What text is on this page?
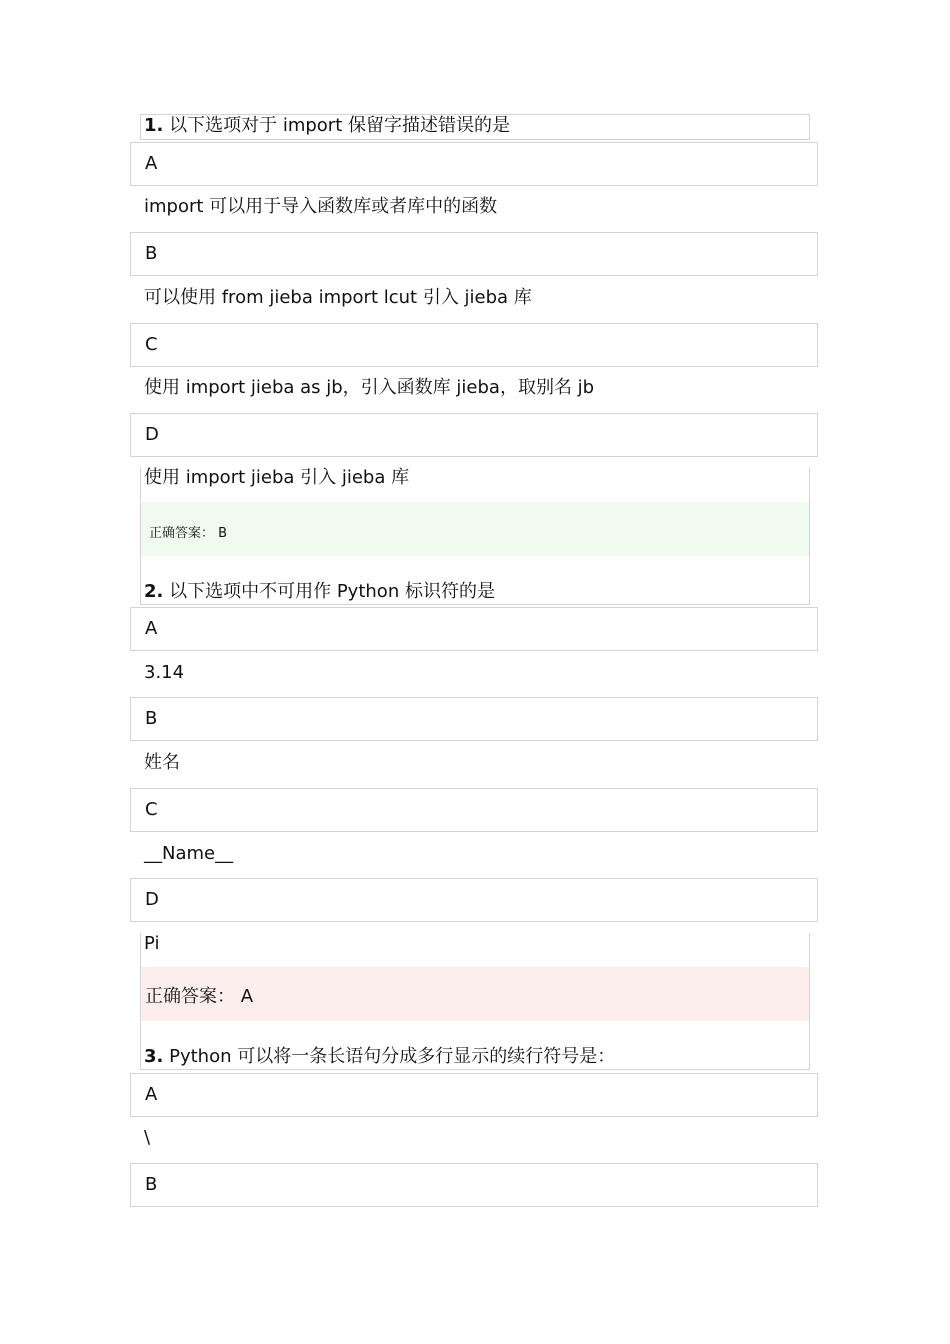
1. 以下选项对于 import 保留字描述错误的是
A
import 可以用于导入函数库或者库中的函数
B
可以使用 from jieba import lcut 引入 jieba 库
C
使用 import jieba as jb，引入函数库 jieba，取别名 jb
D
使用 import jieba 引入 jieba 库
正确答案： B
2. 以下选项中不可用作 Python 标识符的是
A
3.14
B
姓名
C
__Name__
D
Pi
正确答案： A
3. Python 可以将一条长语句分成多行显示的续行符号是：
A
\
B
